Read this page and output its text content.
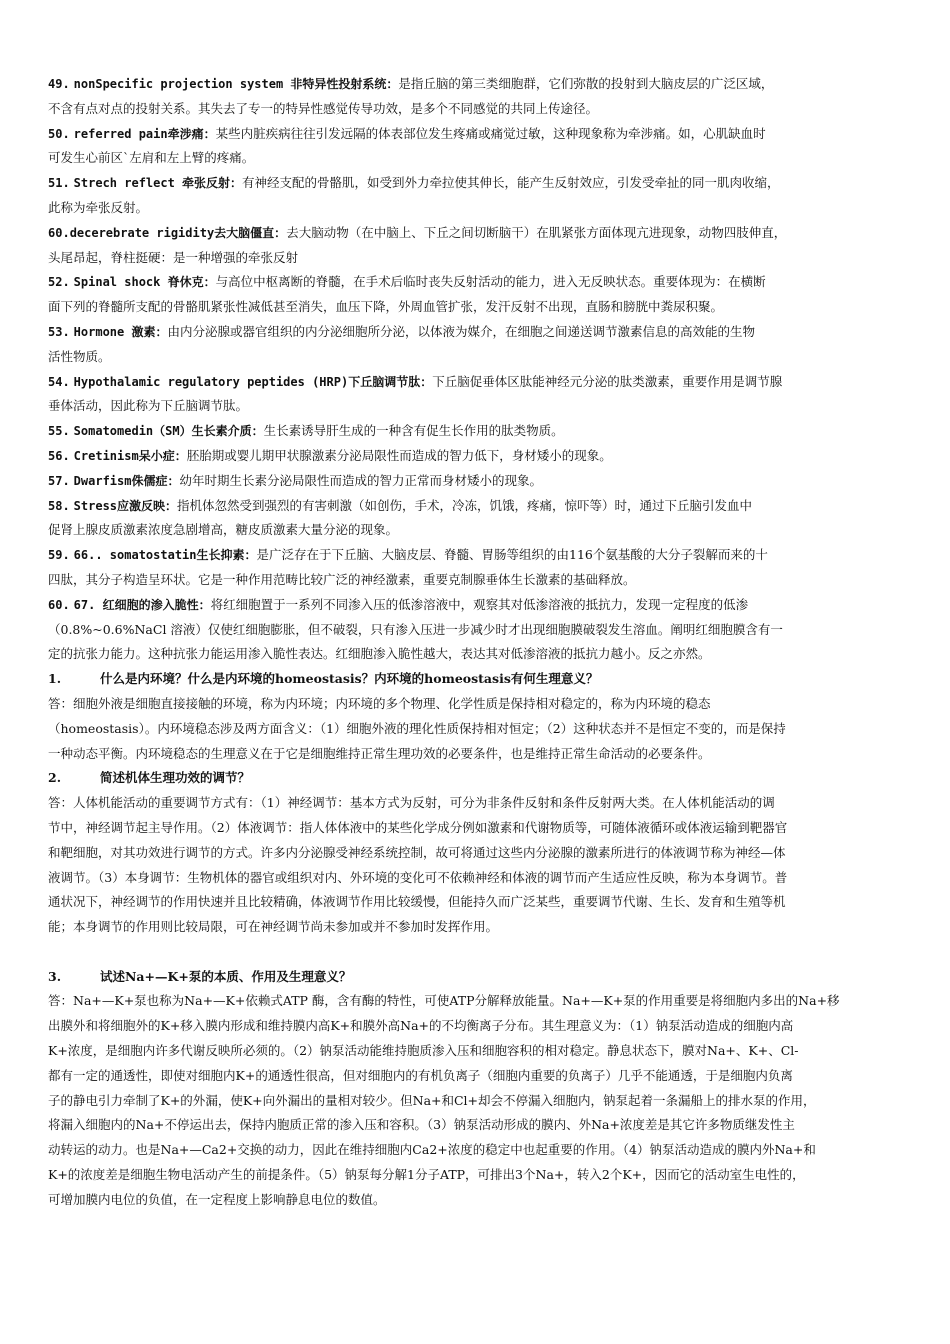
49. nonSpecific projection system 非特异性投射系统：是指丘脑的第三类细胞群，它们弥散的投射到大脑皮层的广泛区域，
不含有点对点的投射关系。其失去了专一的特异性感觉传导功效，是多个不同感觉的共同上传途径。
50. referred pain牵涉痛：某些内脏疾病往往引发远隔的体表部位发生疼痛或痛觉过敏，这种现象称为牵涉痛。如，心肌缺血时
可发生心前区`左肩和左上臂的疼痛。
51. Strech reflect 牵张反射：有神经支配的骨骼肌，如受到外力牵拉使其伸长，能产生反射效应，引发受牵扯的同一肌肉收缩，
此称为牵张反射。
60.decerebrate rigidity去大脑僵直：去大脑动物（在中脑上、下丘之间切断脑干）在肌紧张方面体现亢进现象，动物四肢伸直，
头尾昂起，脊柱挺硬：是一种增强的牵张反射
52. Spinal shock 脊休克：与高位中枢离断的脊髓，在手术后临时丧失反射活动的能力，进入无反映状态。重要体现为：在横断
面下列的脊髓所支配的骨骼肌紧张性减低甚至消失，血压下降，外周血管扩张，发汗反射不出现，直肠和膀胱中粪尿积聚。
53. Hormone 激素：由内分泌腺或器官组织的内分泌细胞所分泌，以体液为媒介，在细胞之间递送调节激素信息的高效能的生物
活性物质。
54. Hypothalamic regulatory peptides (HRP)下丘脑调节肽：下丘脑促垂体区肽能神经元分泌的肽类激素，重要作用是调节腺
垂体活动，因此称为下丘脑调节肽。
55. Somatomedin（SM）生长素介质：生长素诱导肝生成的一种含有促生长作用的肽类物质。
56. Cretinism呆小症：胚胎期或婴儿期甲状腺激素分泌局限性而造成的智力低下，身材矮小的现象。
57. Dwarfism侏儒症：幼年时期生长素分泌局限性而造成的智力正常而身材矮小的现象。
58. Stress应激反映：指机体忽然受到强烈的有害刺激（如创伤，手术，冷冻，饥饿，疼痛，惊吓等）时，通过下丘脑引发血中
促肾上腺皮质激素浓度急剧增高，糖皮质激素大量分泌的现象。
59. 66.. somatostatin生长抑素：是广泛存在于下丘脑、大脑皮层、脊髓、胃肠等组织的由116个氨基酸的大分子裂解而来的十
四肽，其分子构造呈环状。它是一种作用范畴比较广泛的神经激素，重要克制腺垂体生长激素的基础释放。
60. 67. 红细胞的渗入脆性：将红细胞置于一系列不同渗入压的低渗溶液中，观察其对低渗溶液的抵抗力，发现一定程度的低渗
（0.8%~0.6%NaCl 溶液）仅使红细胞膨胀，但不破裂，只有渗入压进一步减少时才出现细胞膜破裂发生溶血。阐明红细胞膜含有一
定的抗张力能力。这种抗张力能运用渗入脆性表达。红细胞渗入脆性越大，表达其对低渗溶液的抵抗力越小。反之亦然。
1.	什么是内环境？什么是内环境的homeostasis？内环境的homeostasis有何生理意义？
答：细胞外液是细胞直接接触的环境，称为内环境；内环境的多个物理、化学性质是保持相对稳定的，称为内环境的稳态
（homeostasis）。内环境稳态涉及两方面含义：（1）细胞外液的理化性质保持相对恒定；（2）这种状态并不是恒定不变的，而是保持
一种动态平衡。内环境稳态的生理意义在于它是细胞维持正常生理功效的必要条件，也是维持正常生命活动的必要条件。
2.	简述机体生理功效的调节？
答：人体机能活动的重要调节方式有：（1）神经调节：基本方式为反射，可分为非条件反射和条件反射两大类。在人体机能活动的调
节中，神经调节起主导作用。（2）体液调节：指人体体液中的某些化学成分例如激素和代谢物质等，可随体液循环或体液运输到靶器官
和靶细胞，对其功效进行调节的方式。许多内分泌腺受神经系统控制，故可将通过这些内分泌腺的激素所进行的体液调节称为神经—体
液调节。（3）本身调节：生物机体的器官或组织对内、外环境的变化可不依赖神经和体液的调节而产生适应性反映，称为本身调节。普
通状况下，神经调节的作用快速并且比较精确，体液调节作用比较缓慢，但能持久而广泛某些，重要调节代谢、生长、发育和生殖等机
能；本身调节的作用则比较局限，可在神经调节尚未参加或并不参加时发挥作用。
3.	试述Na+—K+泵的本质、作用及生理意义？
答：Na+—K+泵也称为Na+—K+依赖式ATP 酶，含有酶的特性，可使ATP分解释放能量。Na+—K+泵的作用重要是将细胞内多出的Na+移
出膜外和将细胞外的K+移入膜内形成和维持膜内高K+和膜外高Na+的不均衡离子分布。其生理意义为：（1）钠泵活动造成的细胞内高
K+浓度，是细胞内许多代谢反映所必须的。（2）钠泵活动能维持胞质渗入压和细胞容积的相对稳定。静息状态下，膜对Na+、K+、Cl-
都有一定的通透性，即使对细胞内K+的通透性很高，但对细胞内的有机负离子（细胞内重要的负离子）几乎不能通透，于是细胞内负离
子的静电引力牵制了K+的外漏，使K+向外漏出的量相对较少。但Na+和Cl+却会不停漏入细胞内，钠泵起着一条漏船上的排水泵的作用，
将漏入细胞内的Na+不停运出去，保持内胞质正常的渗入压和容积。（3）钠泵活动形成的膜内、外Na+浓度差是其它许多物质继发性主
动转运的动力。也是Na+—Ca2+交换的动力，因此在维持细胞内Ca2+浓度的稳定中也起重要的作用。（4）钠泵活动造成的膜内外Na+和
K+的浓度差是细胞生物电活动产生的前提条件。（5）钠泵每分解1分子ATP，可排出3个Na+，转入2个K+，因而它的活动室生电性的，
可增加膜内电位的负值，在一定程度上影响静息电位的数值。
